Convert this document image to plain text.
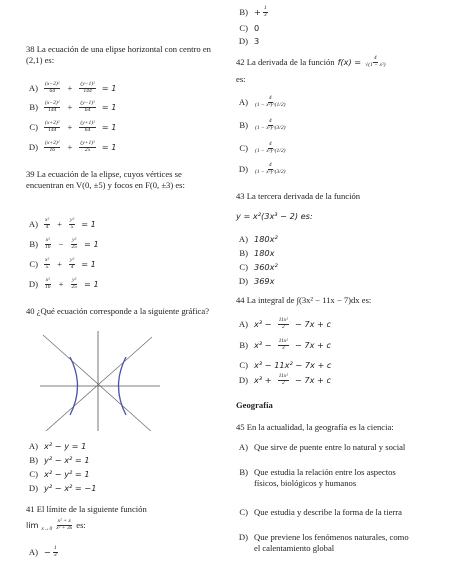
38 La ecuación de una elipse horizontal con centro en (2,1) es:
A) (x−2)²
$64 + \frac{\text{(y−1)²}}{144} = 1$
B) (x−2)²
$144 + \frac{\text{(y−1)²}}{64} = 1$
C) (x+2)²
$144 + \frac{\text{(y+1)²}}{64} = 1$
D) (x+2)²
$16 + \frac{\text{(y+1)²}}{25} = 1$
39 La ecuación de la elipse, cuyos vértices se encuentran en V(0, ±5) y focos en F(0, ±3) es:
A) x²
$4 + \frac{\text{y²}}{5} = 1$
B) x²
$16 - \frac{\text{y²}}{25} = 1$
C) x²
$5 + \frac{\text{y²}}{4} = 1$
D) x²
$16 + \frac{\text{y²}}{25} = 1$
40 ¿Qué ecuación corresponde a la siguiente gráfica?
A) x² − y = 1
B) y² − x² = 1
C) x² − y² = 1
D) y² − x² = −1
41 El límite de la siguiente función
lim x→0
x² + x
x² + 3x es:
$A) - \frac{1}{3}$
$B) + \frac{1}{3}$
C) 0
D) 3
42 La derivada de la función $f(x) = \frac{4}{\text{√(1 − x²)}}$
es:
A)	4
(1 − x²)^(1/2)
B)	4
(1 − x²)^(3/2)
C)	4
(1 − x²)^(1/2)
D)	4
(1 − x²)^(3/2)
43 La tercera derivada de la función
y = x²(3x³ − 2) es:
A) 180x²
B) 180x
C) 360x²
D) 369x
44 La integral de ∫(3x² − 11x − 7)dx es:
A) $x^3 - \frac{\text{11x²}}{2} - 7x + c$
B) $x^3 - \frac{\text{11x²}}{3} - 7x + c$
C) x³ − 11x² − 7x + c
D) $x^3 + \frac{\text{11x²}}{2} - 7x + c$
Geografía
45 En la actualidad, la geografía es la ciencia:
A) Que sirve de puente entre lo natural y social
B) Que estudia la relación entre los aspectos físicos, biológicos y humanos
C) Que estudia y describe la forma de la tierra
D) Que previene los fenómenos naturales, como el calentamiento global
